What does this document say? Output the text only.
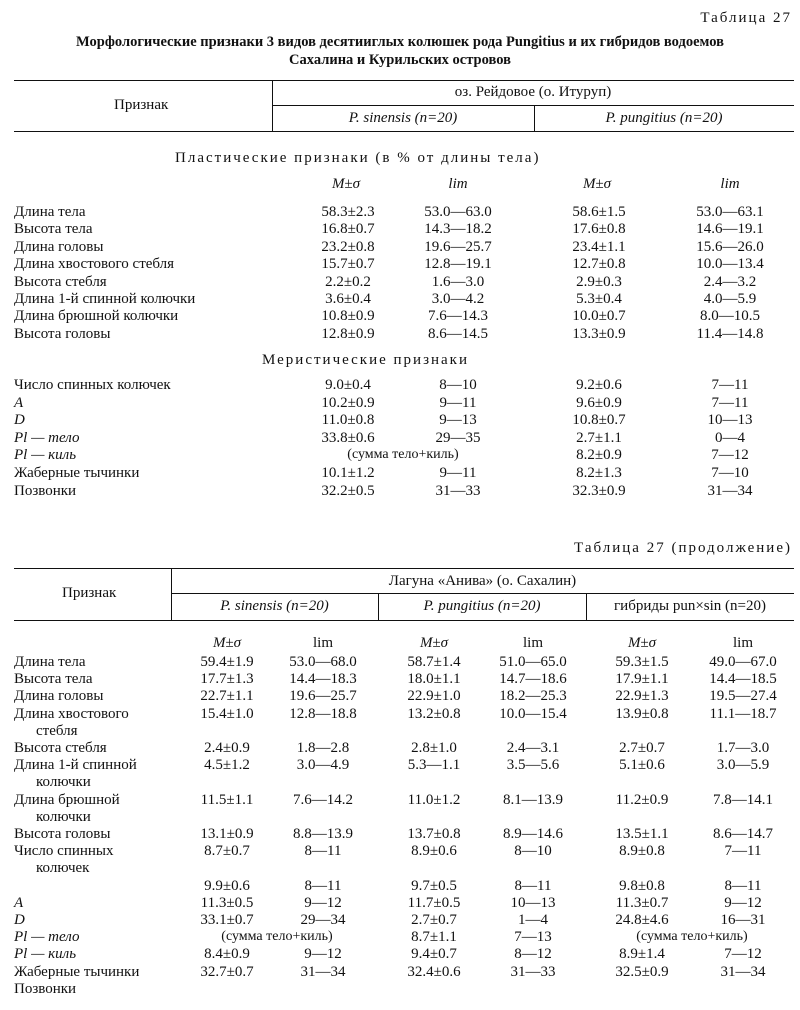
Таблица 27
Морфологические признаки 3 видов десятииглых колюшек рода Pungitius и их гибридов водоемов
Сахалина и Курильских островов
Признак
оз. Рейдовое (о. Итуруп)
P. sinensis (n=20)	P. pungitius (n=20)
Пластические признаки (в % от длины тела)
M±σ	lim	M±σ	lim
Длина тела	58.3±2.3	53.0—63.0	58.6±1.5	53.0—63.1
Высота тела	16.8±0.7	14.3—18.2	17.6±0.8	14.6—19.1
Длина головы	23.2±0.8	19.6—25.7	23.4±1.1	15.6—26.0
Длина хвостового стебля	15.7±0.7	12.8—19.1	12.7±0.8	10.0—13.4
Высота стебля	2.2±0.2	1.6—3.0	2.9±0.3	2.4—3.2
Длина 1-й спинной колючки	3.6±0.4	3.0—4.2	5.3±0.4	4.0—5.9
Длина брюшной колючки	10.8±0.9	7.6—14.3	10.0±0.7	8.0—10.5
Высота головы	12.8±0.9	8.6—14.5	13.3±0.9	11.4—14.8
Меристические признаки
Число спинных колючек	9.0±0.4	8—10	9.2±0.6	7—11
A	10.2±0.9	9—11	9.6±0.9	7—11
D	11.0±0.8	9—13	10.8±0.7	10—13
Pl — тело	33.8±0.6	29—35	2.7±1.1	0—4
Pl — киль	(сумма тело+киль)	8.2±0.9	7—12
Жаберные тычинки	10.1±1.2	9—11	8.2±1.3	7—10
Позвонки	32.2±0.5	31—33	32.3±0.9	31—34
Таблица 27 (продолжение)
Признак
Лагуна «Анива» (о. Сахалин)
P. sinensis (n=20)	P. pungitius (n=20)	гибриды pun×sin (n=20)
M±σ	lim	M±σ	lim	M±σ	lim
Длина тела	59.4±1.9	53.0—68.0	58.7±1.4	51.0—65.0	59.3±1.5	49.0—67.0
Высота тела	17.7±1.3	14.4—18.3	18.0±1.1	14.7—18.6	17.9±1.1	14.4—18.5
Длина головы	22.7±1.1	19.6—25.7	22.9±1.0	18.2—25.3	22.9±1.3	19.5—27.4
Длина хвостового	15.4±1.0	12.8—18.8	13.2±0.8	10.0—15.4	13.9±0.8	11.1—18.7
стебля
Высота стебля	2.4±0.9	1.8—2.8	2.8±1.0	2.4—3.1	2.7±0.7	1.7—3.0
Длина 1-й спинной	4.5±1.2	3.0—4.9	5.3—1.1	3.5—5.6	5.1±0.6	3.0—5.9
колючки
Длина брюшной	11.5±1.1	7.6—14.2	11.0±1.2	8.1—13.9	11.2±0.9	7.8—14.1
колючки
Высота головы	13.1±0.9	8.8—13.9	13.7±0.8	8.9—14.6	13.5±1.1	8.6—14.7
Число спинных	8.7±0.7	8—11	8.9±0.6	8—10	8.9±0.8	7—11
колючек
9.9±0.6	8—11	9.7±0.5	8—11	9.8±0.8	8—11
A	11.3±0.5	9—12	11.7±0.5	10—13	11.3±0.7	9—12
D	33.1±0.7	29—34	2.7±0.7	1—4	24.8±4.6	16—31
Pl — тело	(сумма тело+киль)	8.7±1.1	7—13	(сумма тело+киль)
Pl — киль	8.4±0.9	9—12	9.4±0.7	8—12	8.9±1.4	7—12
Жаберные тычинки	32.7±0.7	31—34	32.4±0.6	31—33	32.5±0.9	31—34
Позвонки
